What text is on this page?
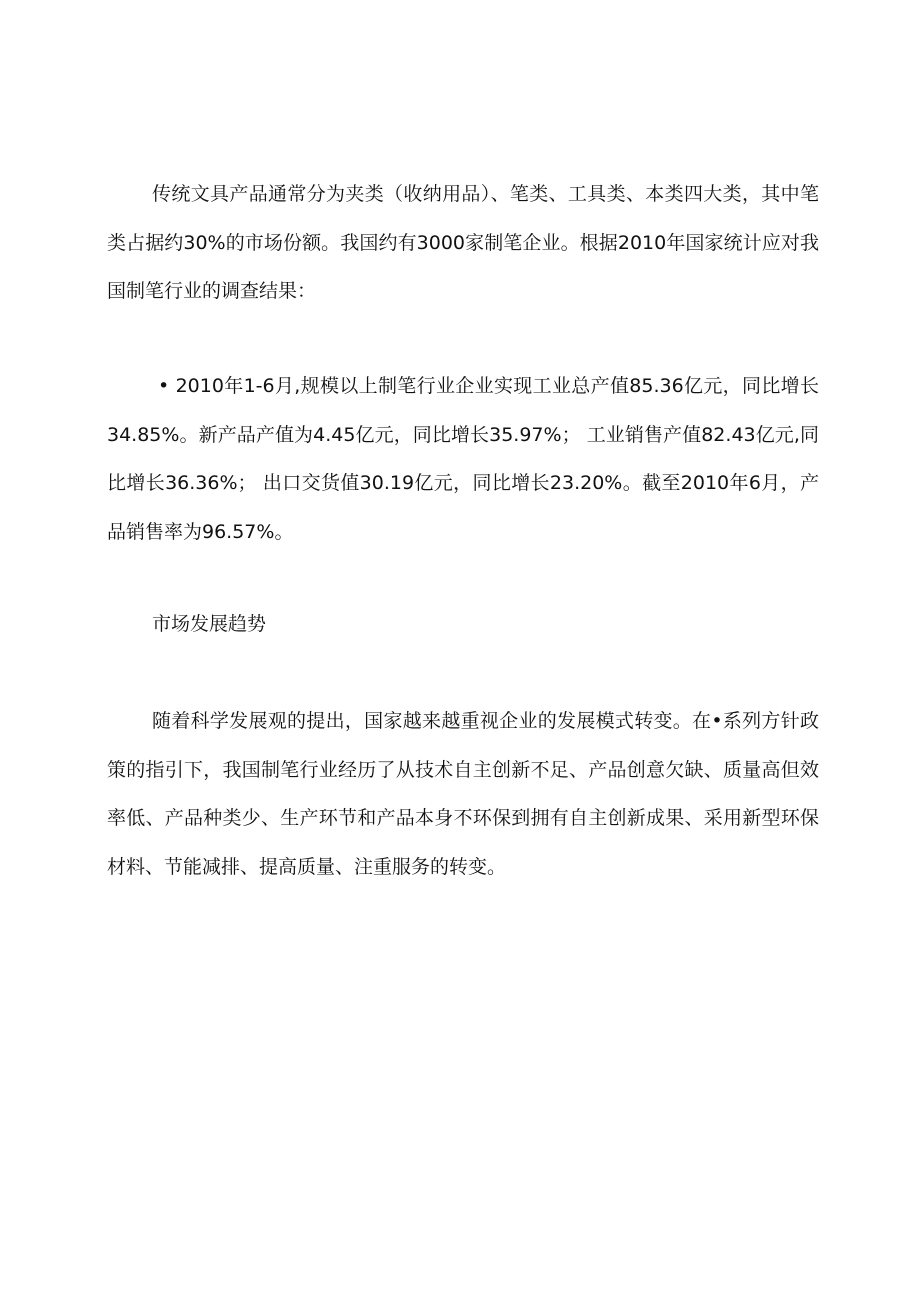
传统文具产品通常分为夹类（收纳用品）、笔类、工具类、本类四大类，其中笔类占据约30%的市场份额。我国约有3000家制笔企业。根据2010年国家统计应对我国制笔行业的调查结果：

• 2010年1-6月,规模以上制笔行业企业实现工业总产值85.36亿元，同比增长34.85%。新产品产值为4.45亿元，同比增长35.97%； 工业销售产值82.43亿元,同比增长36.36%； 出口交货值30.19亿元，同比增长23.20%。截至2010年6月，产品销售率为96.57%。

市场发展趋势

随着科学发展观的提出，国家越来越重视企业的发展模式转变。在•系列方针政策的指引下，我国制笔行业经历了从技术自主创新不足、产品创意欠缺、质量高但效率低、产品种类少、生产环节和产品本身不环保到拥有自主创新成果、采用新型环保材料、节能减排、提高质量、注重服务的转变。
